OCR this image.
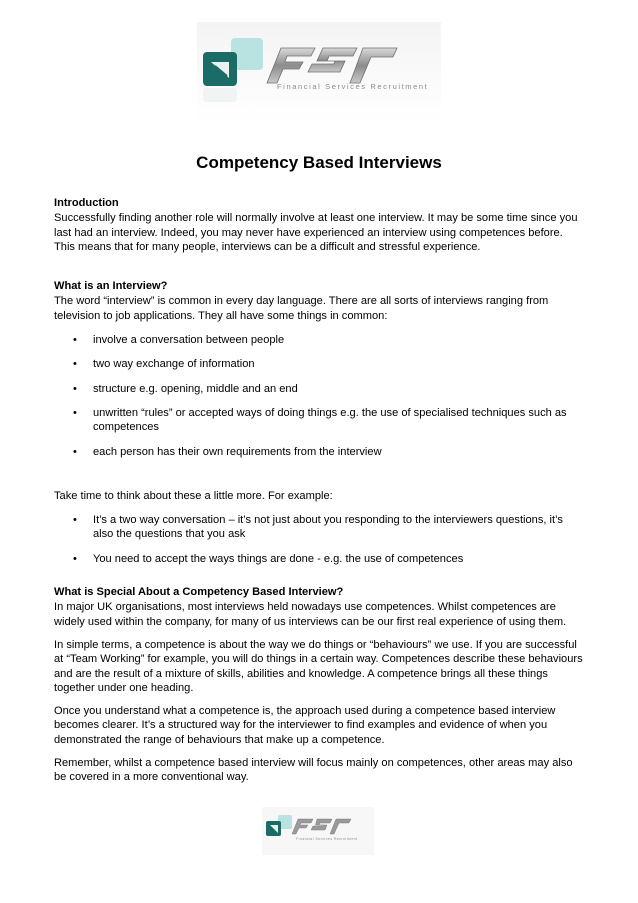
Financial Services Recruitment
Competency Based Interviews
Introduction

Successfully finding another role will normally involve at least one interview. It may be some time since you last had an interview. Indeed, you may never have experienced an interview using competences before. This means that for many people, interviews can be a difficult and stressful experience.

What is an Interview?

The word “interview” is common in every day language. There are all sorts of interviews ranging from television to job applications. They all have some things in common:

• involve a conversation between people
• two way exchange of information
• structure e.g. opening, middle and an end
• unwritten “rules” or accepted ways of doing things e.g. the use of specialised techniques such as competences
• each person has their own requirements from the interview

Take time to think about these a little more. For example:

• It’s a two way conversation – it’s not just about you responding to the interviewers questions, it’s also the questions that you ask
• You need to accept the ways things are done - e.g. the use of competences
What is Special About a Competency Based Interview?

In major UK organisations, most interviews held nowadays use competences. Whilst competences are widely used within the company, for many of us interviews can be our first real experience of using them.

In simple terms, a competence is about the way we do things or “behaviours” we use. If you are successful at “Team Working” for example, you will do things in a certain way. Competences describe these behaviours and are the result of a mixture of skills, abilities and knowledge. A competence brings all these things together under one heading.

Once you understand what a competence is, the approach used during a competence based interview becomes clearer. It’s a structured way for the interviewer to find examples and evidence of when you demonstrated the range of behaviours that make up a competence.

Remember, whilst a competence based interview will focus mainly on competences, other areas may also be covered in a more conventional way.

Financial Services Recruitment
